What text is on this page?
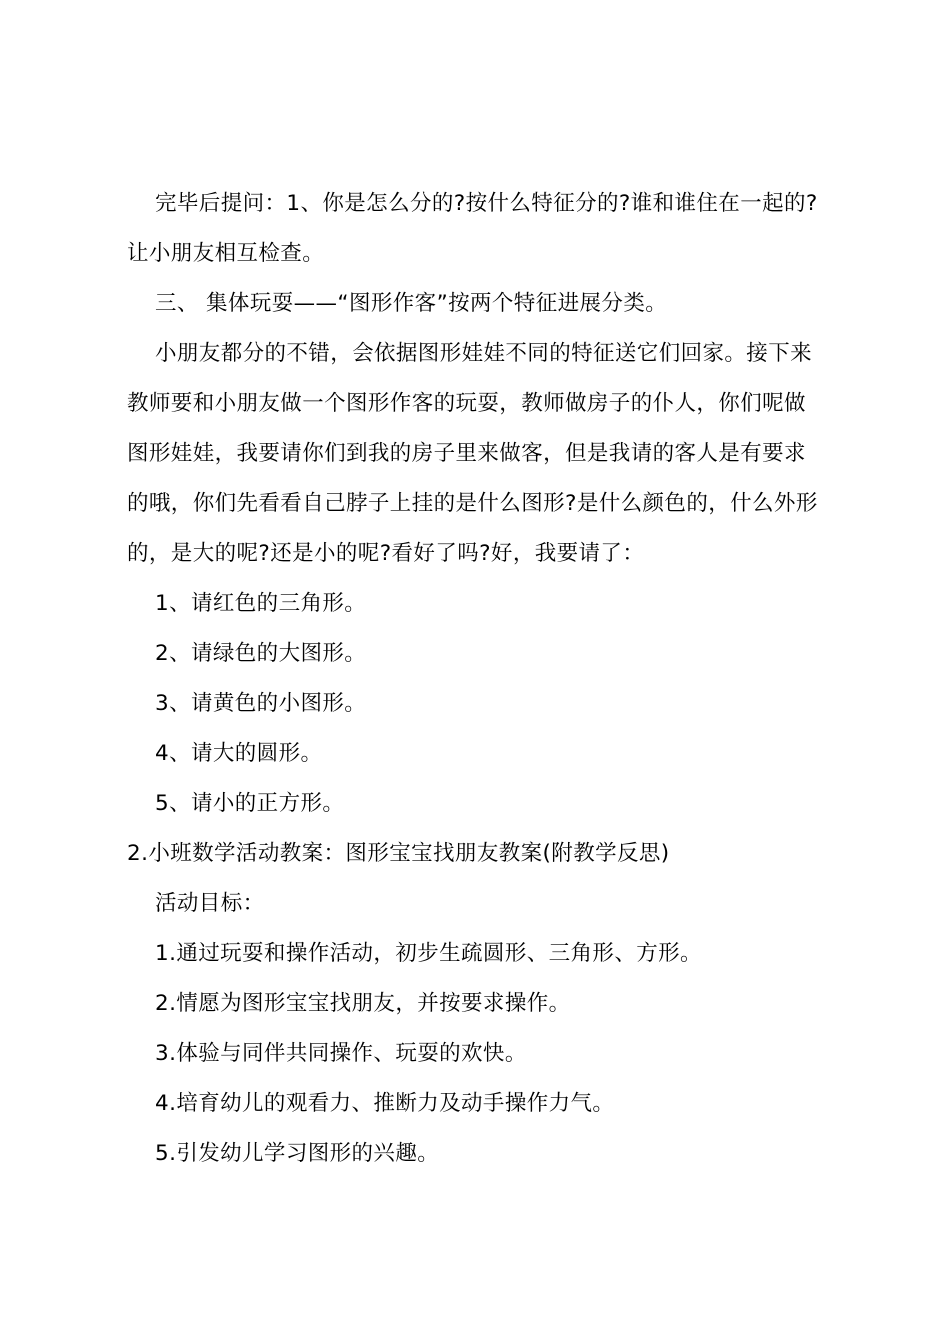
完毕后提问：1、你是怎么分的?按什么特征分的?谁和谁住在一起的?
让小朋友相互检查。
三、 集体玩耍——“图形作客”按两个特征进展分类。
小朋友都分的不错，会依据图形娃娃不同的特征送它们回家。接下来
教师要和小朋友做一个图形作客的玩耍，教师做房子的仆人，你们呢做
图形娃娃，我要请你们到我的房子里来做客，但是我请的客人是有要求
的哦，你们先看看自己脖子上挂的是什么图形?是什么颜色的，什么外形
的，是大的呢?还是小的呢?看好了吗?好，我要请了：
1、请红色的三角形。
2、请绿色的大图形。
3、请黄色的小图形。
4、请大的圆形。
5、请小的正方形。
2.小班数学活动教案：图形宝宝找朋友教案(附教学反思)
活动目标：
1.通过玩耍和操作活动，初步生疏圆形、三角形、方形。
2.情愿为图形宝宝找朋友，并按要求操作。
3.体验与同伴共同操作、玩耍的欢快。
4.培育幼儿的观看力、推断力及动手操作力气。
5.引发幼儿学习图形的兴趣。
